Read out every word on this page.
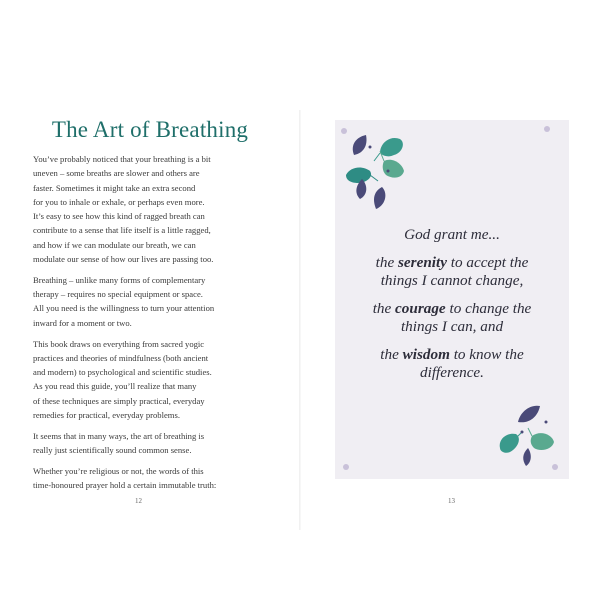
The Art of Breathing

You’ve probably noticed that your breathing is a bit
uneven – some breaths are slower and others are
faster. Sometimes it might take an extra second
for you to inhale or exhale, or perhaps even more.
It’s easy to see how this kind of ragged breath can
contribute to a sense that life itself is a little ragged,
and how if we can modulate our breath, we can
modulate our sense of how our lives are passing too.

Breathing – unlike many forms of complementary
therapy – requires no special equipment or space.
All you need is the willingness to turn your attention
inward for a moment or two.

This book draws on everything from sacred yogic
practices and theories of mindfulness (both ancient
and modern) to psychological and scientific studies.
As you read this guide, you’ll realize that many
of these techniques are simply practical, everyday
remedies for practical, everyday problems.

It seems that in many ways, the art of breathing is
really just scientifically sound common sense.

Whether you’re religious or not, the words of this
time-honoured prayer hold a certain immutable truth:

12
God grant me...
the serenity to accept the
things I cannot change,
the courage to change the
things I can, and
the wisdom to know the
difference.
13
